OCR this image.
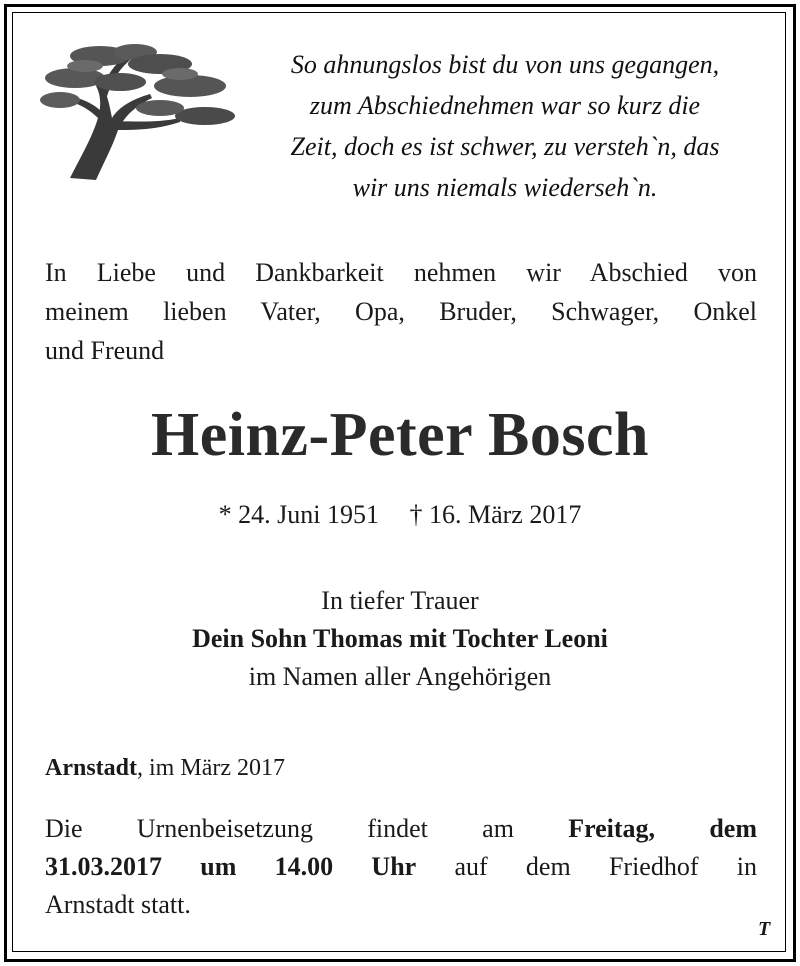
So ahnungslos bist du von uns gegangen,
zum Abschiednehmen war so kurz die
Zeit, doch es ist schwer, zu versteh`n, das
wir uns niemals wiederseh`n.
In Liebe und Dankbarkeit nehmen wir Abschied von
meinem lieben Vater, Opa, Bruder, Schwager, Onkel
und Freund
Heinz-Peter Bosch
* 24. Juni 1951 † 16. März 2017
In tiefer Trauer
Dein Sohn Thomas mit Tochter Leoni
im Namen aller Angehörigen
Arnstadt, im März 2017
Die Urnenbeisetzung findet am Freitag, dem
31.03.2017 um 14.00 Uhr auf dem Friedhof in
Arnstadt statt.
T
